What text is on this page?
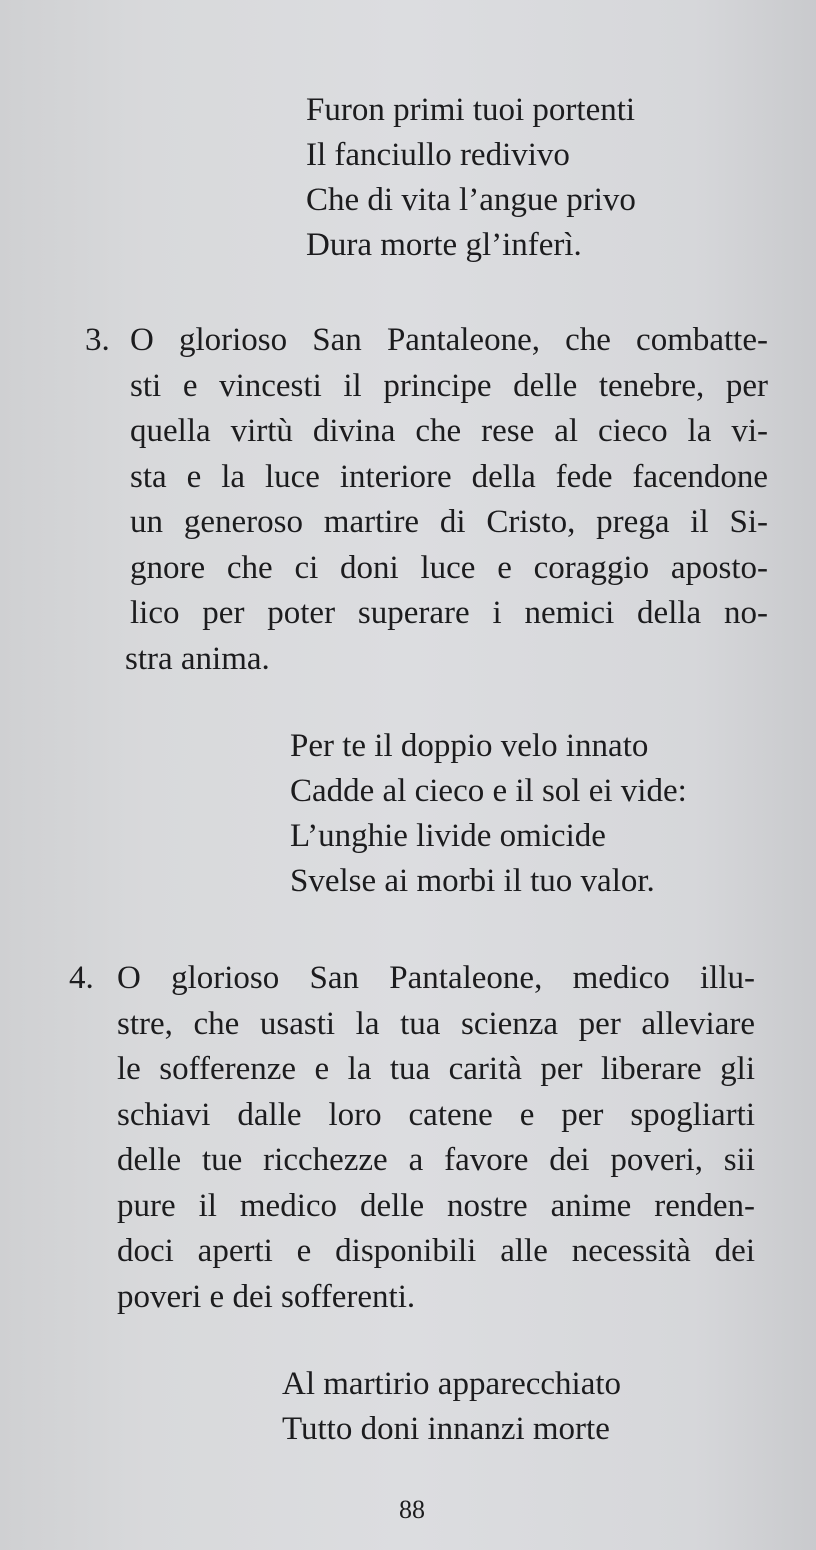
Furon primi tuoi portenti
Il fanciullo redivivo
Che di vita l’angue privo
Dura morte gl’inferì.
3. O glorioso San Pantaleone, che combatte-
sti e vincesti il principe delle tenebre, per
quella virtù divina che rese al cieco la vi-
sta e la luce interiore della fede facendone
un generoso martire di Cristo, prega il Si-
gnore che ci doni luce e coraggio aposto-
lico per poter superare i nemici della no-
stra anima.
Per te il doppio velo innato
Cadde al cieco e il sol ei vide:
L’unghie livide omicide
Svelse ai morbi il tuo valor.
4. O glorioso San Pantaleone, medico illu-
stre, che usasti la tua scienza per alleviare
le sofferenze e la tua carità per liberare gli
schiavi dalle loro catene e per spogliarti
delle tue ricchezze a favore dei poveri, sii
pure il medico delle nostre anime renden-
doci aperti e disponibili alle necessità dei
poveri e dei sofferenti.
Al martirio apparecchiato
Tutto doni innanzi morte
88
